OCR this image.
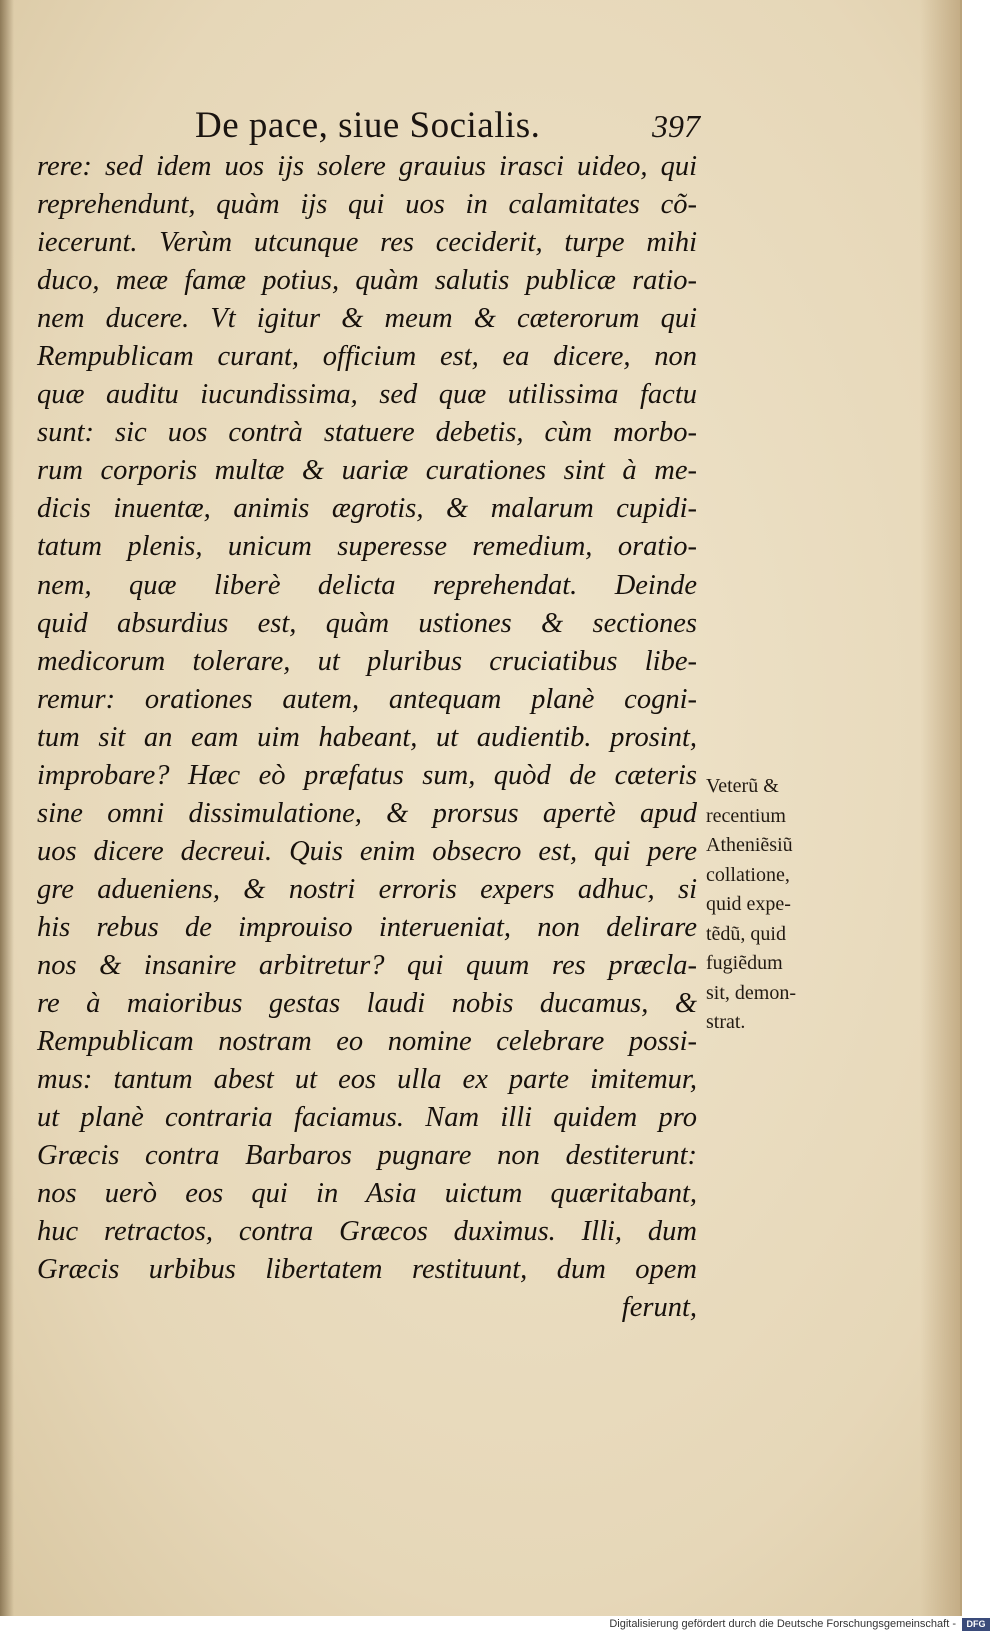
De pace, siue Socialis.	397
rere: sed idem uos ijs solere grauius irasci uideo, qui
reprehendunt, quàm ijs qui uos in calamitates cõ-
iecerunt. Verùm utcunque res ceciderit, turpe mihi
duco, meæ famæ potius, quàm salutis publicæ ratio-
nem ducere. Vt igitur & meum & cæterorum qui
Rempublicam curant, officium est, ea dicere, non
quæ auditu iucundissima, sed quæ utilissima factu
sunt: sic uos contrà statuere debetis, cùm morbo-
rum corporis multæ & uariæ curationes sint à me-
dicis inuentæ, animis ægrotis, & malarum cupidi-
tatum plenis, unicum superesse remedium, oratio-
nem, quæ liberè delicta reprehendat. Deinde
quid absurdius est, quàm ustiones & sectiones
medicorum tolerare, ut pluribus cruciatibus libe-
remur: orationes autem, antequam planè cogni-
tum sit an eam uim habeant, ut audientib. prosint,
improbare? Hæc eò præfatus sum, quòd de cæteris
sine omni dissimulatione, & prorsus apertè apud
uos dicere decreui. Quis enim obsecro est, qui pere
gre adueniens, & nostri erroris expers adhuc, si
his rebus de improuiso interueniat, non delirare
nos & insanire arbitretur? qui quum res præcla-
re à maioribus gestas laudi nobis ducamus, &
Rempublicam nostram eo nomine celebrare possi-
mus: tantum abest ut eos ulla ex parte imitemur,
ut planè contraria faciamus. Nam illi quidem pro
Græcis contra Barbaros pugnare non destiterunt:
nos uerò eos qui in Asia uictum quæritabant,
huc retractos, contra Græcos duximus. Illi, dum
Græcis urbibus libertatem restituunt, dum opem
ferunt,
Veterũ &
recentium
Atheniẽsiũ
collatione,
quid expe-
tẽdũ, quid
fugiẽdum
sit, demon-
strat.
Digitalisierung gefördert durch die Deutsche Forschungsgemeinschaft -	DFG
